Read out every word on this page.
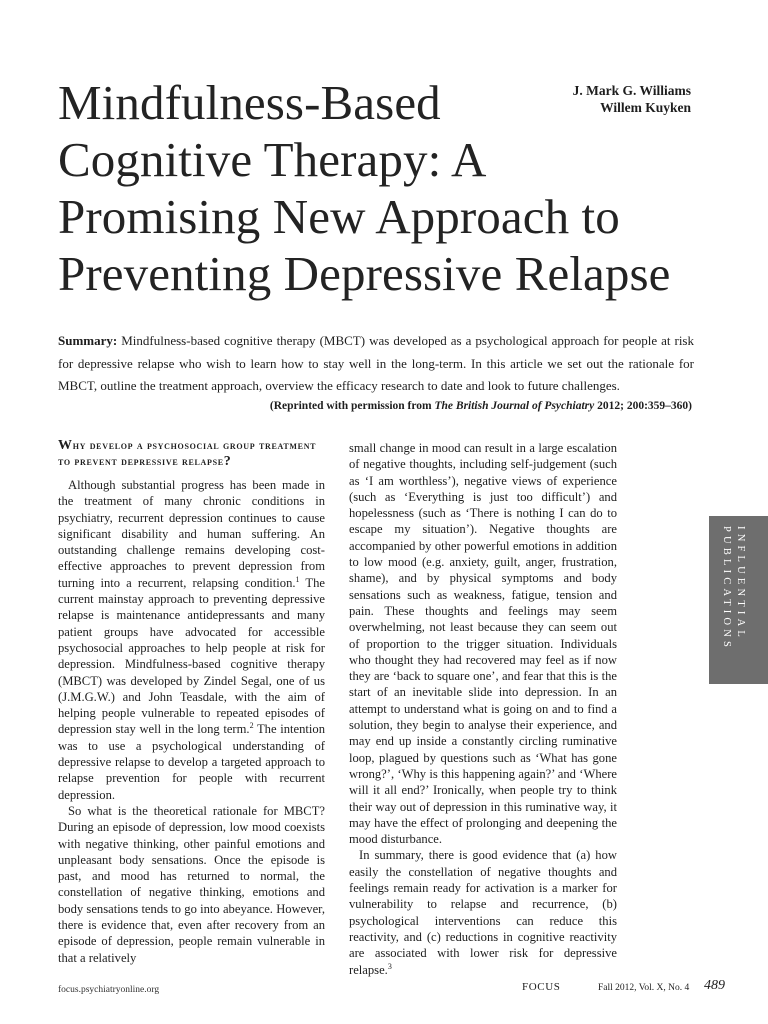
Mindfulness-Based
Cognitive Therapy: A
Promising New Approach to
Preventing Depressive Relapse
J. Mark G. Williams
Willem Kuyken
Summary: Mindfulness-based cognitive therapy (MBCT) was developed as a psychological approach for people at risk for depressive relapse who wish to learn how to stay well in the long-term. In this article we set out the rationale for MBCT, outline the treatment approach, overview the efficacy research to date and look to future challenges.
(Reprinted with permission from The British Journal of Psychiatry 2012; 200:359–360)
Why develop a psychosocial group treatment to prevent depressive relapse?

Although substantial progress has been made in the treatment of many chronic conditions in psychiatry, recurrent depression continues to cause significant disability and human suffering. An outstanding challenge remains developing cost-effective approaches to prevent depression from turning into a recurrent, relapsing condition.$^1$ The current mainstay approach to preventing depressive relapse is maintenance antidepressants and many patient groups have advocated for accessible psychosocial approaches to help people at risk for depression. Mindfulness-based cognitive therapy (MBCT) was developed by Zindel Segal, one of us (J.M.G.W.) and John Teasdale, with the aim of helping people vulnerable to repeated episodes of depression stay well in the long term.$^2$ The intention was to use a psychological understanding of depressive relapse to develop a targeted approach to relapse prevention for people with recurrent depression.

So what is the theoretical rationale for MBCT? During an episode of depression, low mood coexists with negative thinking, other painful emotions and unpleasant body sensations. Once the episode is past, and mood has returned to normal, the constellation of negative thinking, emotions and body sensations tends to go into abeyance. However, there is evidence that, even after recovery from an episode of depression, people remain vulnerable in that a relatively

small change in mood can result in a large escalation of negative thoughts, including self-judgement (such as ‘I am worthless’), negative views of experience (such as ‘Everything is just too difficult’) and hopelessness (such as ‘There is nothing I can do to escape my situation’). Negative thoughts are accompanied by other powerful emotions in addition to low mood (e.g. anxiety, guilt, anger, frustration, shame), and by physical symptoms and body sensations such as weakness, fatigue, tension and pain. These thoughts and feelings may seem overwhelming, not least because they can seem out of proportion to the trigger situation. Individuals who thought they had recovered may feel as if now they are ‘back to square one’, and fear that this is the start of an inevitable slide into depression. In an attempt to understand what is going on and to find a solution, they begin to analyse their experience, and may end up inside a constantly circling ruminative loop, plagued by questions such as ‘What has gone wrong?’, ‘Why is this happening again?’ and ‘Where will it all end?’ Ironically, when people try to think their way out of depression in this ruminative way, it may have the effect of prolonging and deepening the mood disturbance.

In summary, there is good evidence that (a) how easily the constellation of negative thoughts and feelings remain ready for activation is a marker for vulnerability to relapse and recurrence, (b) psychological interventions can reduce this reactivity, and (c) reductions in cognitive reactivity are associated with lower risk for depressive relapse.$^3$

INFLUENTIAL
PUBLICATIONS
focus.psychiatryonline.org	FOCUS	Fall 2012, Vol. X, No. 4 489
